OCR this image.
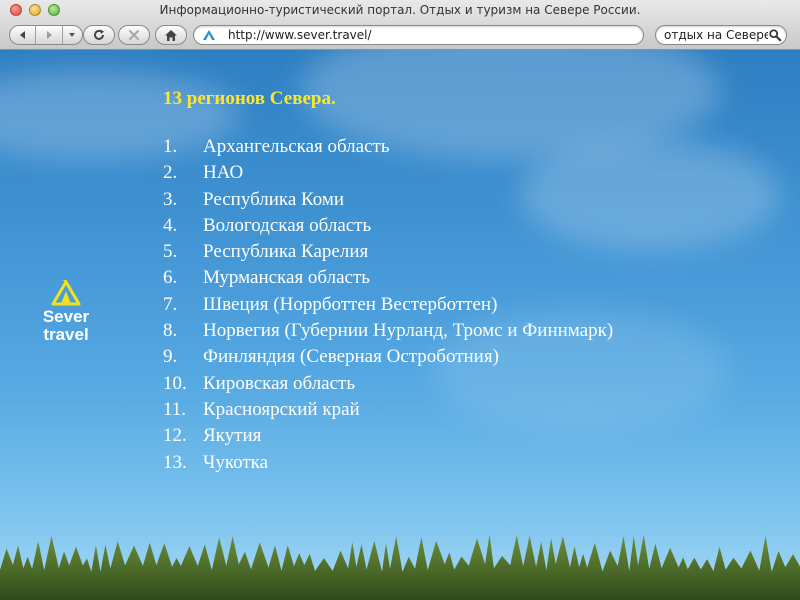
Информационно-туристический портал. Отдых и туризм на Севере России.
http://www.sever.travel/
отдых на Севере
Sever
travel
13 регионов Севера.
1.	Архангельская область
2.	НАО
3.	Республика Коми
4.	Вологодская область
5.	Республика Карелия
6.	Мурманская область
7.	Швеция (Норрботтен Вестерботтен)
8.	Норвегия (Губернии Нурланд, Тромс и Финнмарк)
9.	Финляндия (Северная Остроботния)
10. Кировская область
11. Красноярский край
12. Якутия
13. Чукотка
